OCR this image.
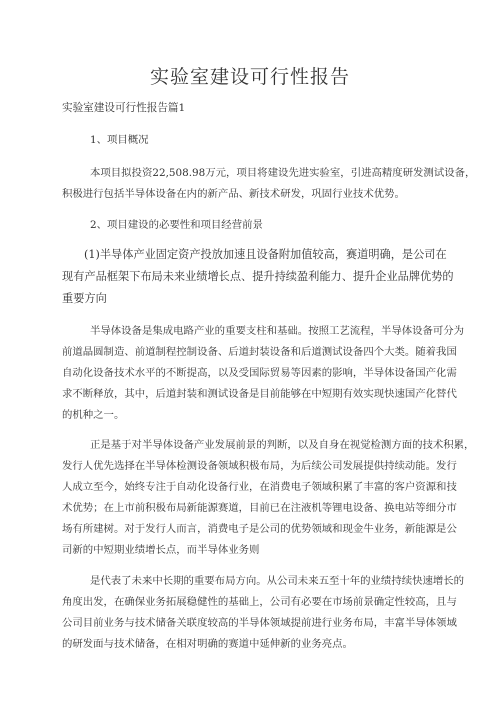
实验室建设可行性报告
实验室建设可行性报告篇1
1、项目概况
本项目拟投资22,508.98万元，项目将建设先进实验室，引进高精度研发测试设备，
积极进行包括半导体设备在内的新产品、新技术研发，巩固行业技术优势。
2、项目建设的必要性和项目经营前景
(1)半导体产业固定资产投放加速且设备附加值较高，赛道明确，是公司在
现有产品框架下布局未来业绩增长点、提升持续盈利能力、提升企业品牌优势的
重要方向
半导体设备是集成电路产业的重要支柱和基础。按照工艺流程，半导体设备可分为
前道晶圆制造、前道制程控制设备、后道封装设备和后道测试设备四个大类。随着我国
自动化设备技术水平的不断提高，以及受国际贸易等因素的影响，半导体设备国产化需
求不断释放，其中，后道封装和测试设备是目前能够在中短期有效实现快速国产化替代
的机种之一。
正是基于对半导体设备产业发展前景的判断，以及自身在视觉检测方面的技术积累，
发行人优先选择在半导体检测设备领域积极布局，为后续公司发展提供持续动能。发行
人成立至今，始终专注于自动化设备行业，在消费电子领域积累了丰富的客户资源和技
术优势；在上市前积极布局新能源赛道，目前已在注液机等锂电设备、换电站等细分市
场有所建树。对于发行人而言，消费电子是公司的优势领域和现金牛业务，新能源是公
司新的中短期业绩增长点，而半导体业务则
是代表了未来中长期的重要布局方向。从公司未来五至十年的业绩持续快速增长的
角度出发，在确保业务拓展稳健性的基础上，公司有必要在市场前景确定性较高，且与
公司目前业务与技术储备关联度较高的半导体领域提前进行业务布局，丰富半导体领域
的研发面与技术储备，在相对明确的赛道中延伸新的业务亮点。
